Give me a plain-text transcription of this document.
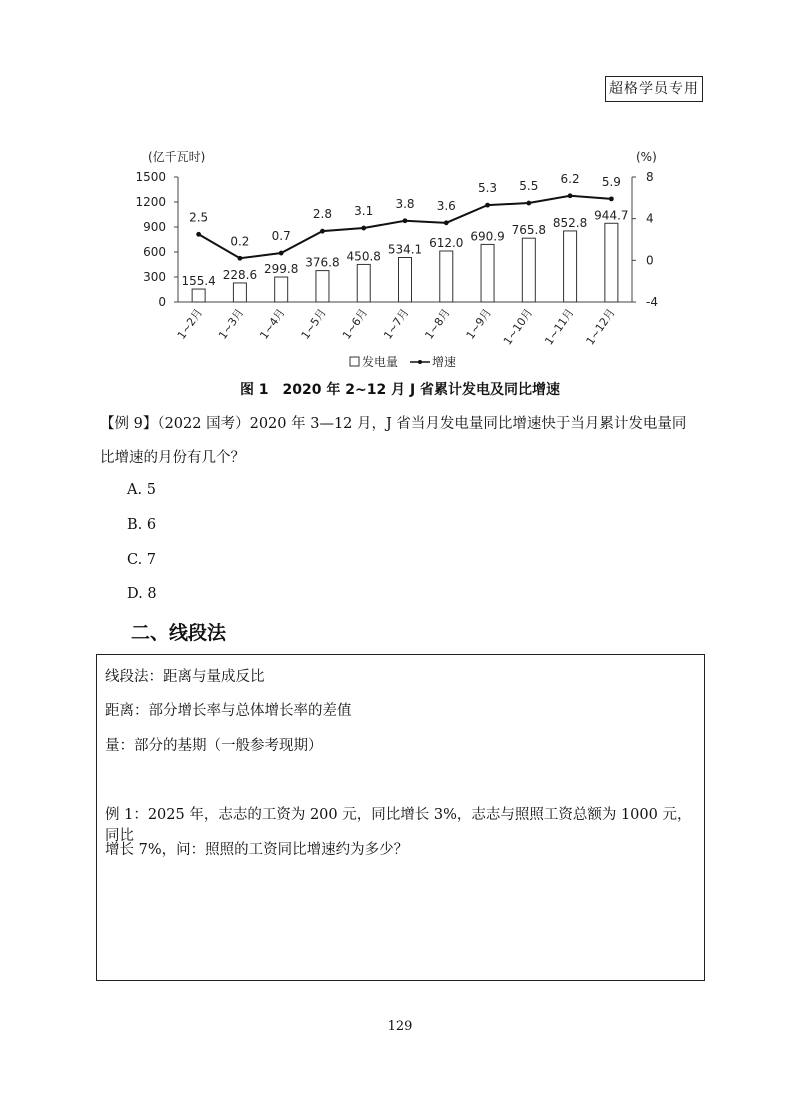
超格学员专用
0
300
600
900
1200
1500
-4
0
4
8
(亿千瓦时)	(%)
155.4
1~2月
228.6
1~3月
299.8
1~4月
376.8
1~5月
450.8
1~6月
534.1
1~7月
612.0
1~8月
690.9
1~9月
765.8
1~10月
852.8
1~11月
944.7
1~12月
2.5
0.2 0.7
2.8 3.1
3.8 3.6
5.3 5.5
6.2 5.9
发电量	增速
图 1　2020 年 2~12 月 J 省累计发电及同比增速
【例 9】（2022 国考）2020 年 3—12 月，J 省当月发电量同比增速快于当月累计发电量同
比增速的月份有几个？
A. 5
B. 6
C. 7
D. 8
二、线段法
线段法：距离与量成反比
距离：部分增长率与总体增长率的差值
量：部分的基期（一般参考现期）
例 1：2025 年，志志的工资为 200 元，同比增长 3%，志志与照照工资总额为 1000 元，同比
增长 7%，问：照照的工资同比增速约为多少？
129
